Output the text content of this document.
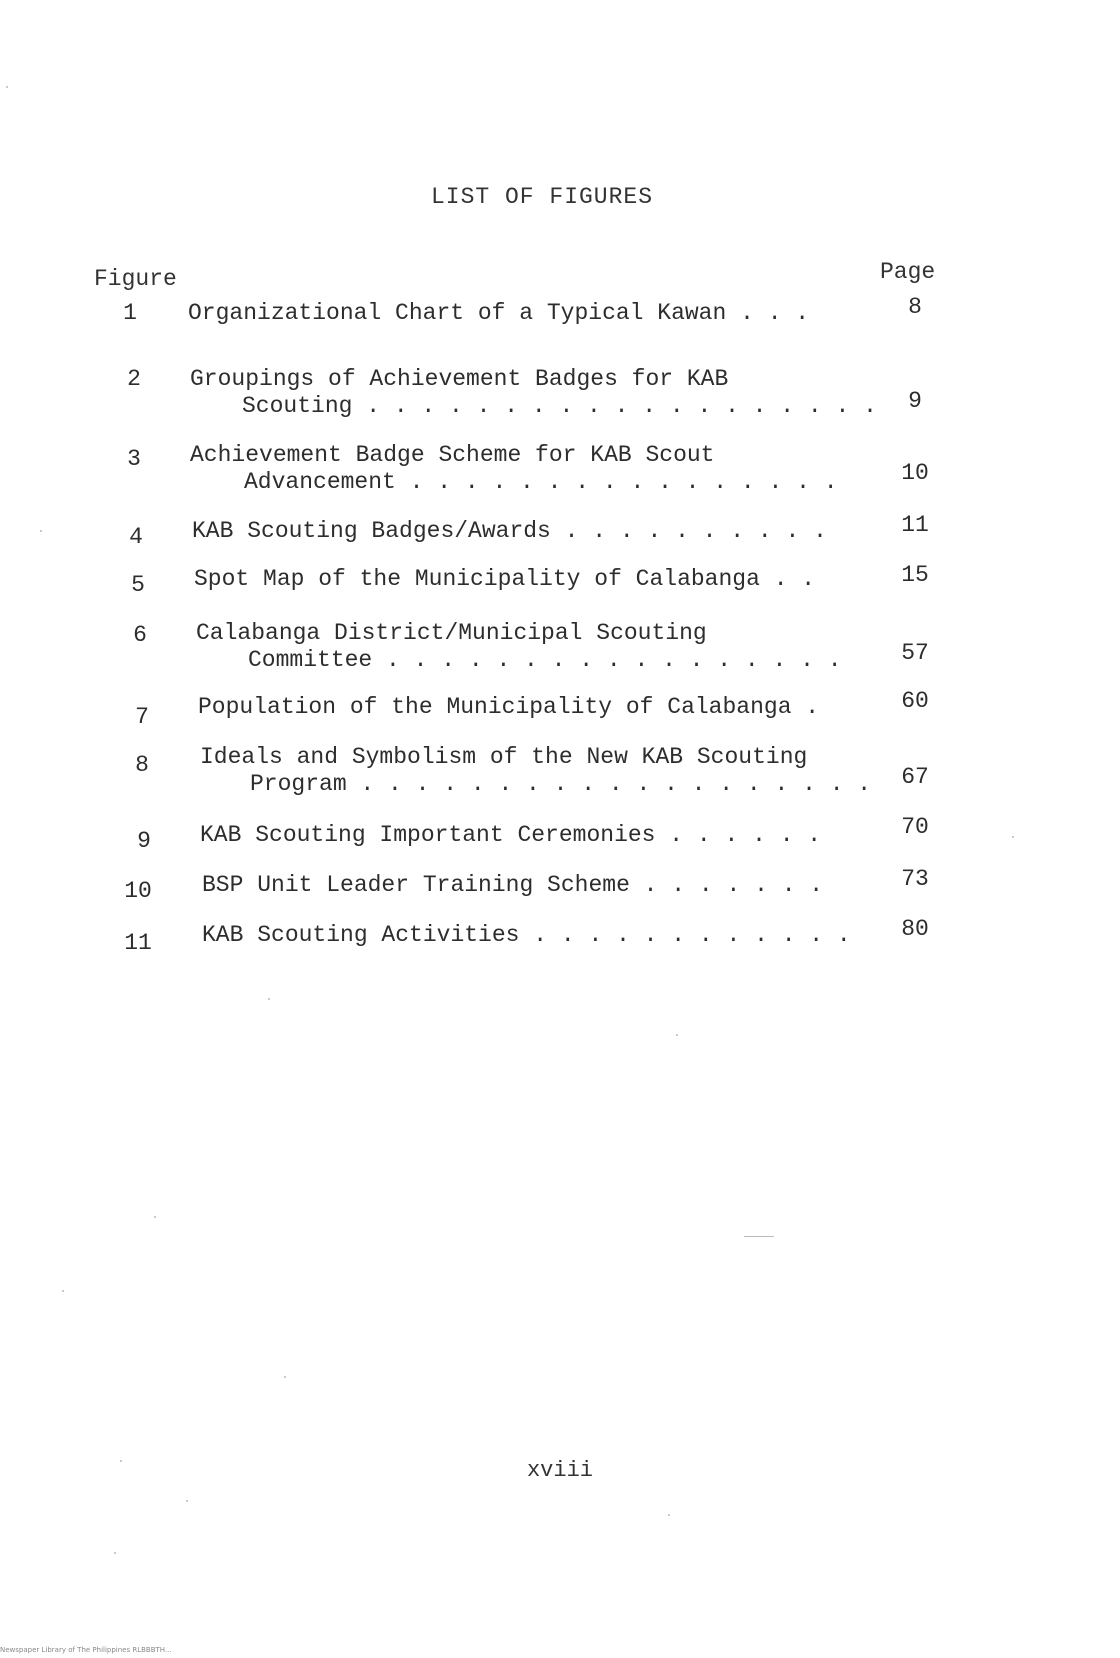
LIST OF FIGURES
Figure	Page
1	Organizational Chart of a Typical Kawan . . .	8
2	Groupings of Achievement Badges for KAB
Scouting . . . . . . . . . . . . . . . . . . .	9
3	Achievement Badge Scheme for KAB Scout
Advancement . . . . . . . . . . . . . . . .	10
4	KAB Scouting Badges/Awards . . . . . . . . . .	11
5	Spot Map of the Municipality of Calabanga . .	15
6	Calabanga District/Municipal Scouting
Committee . . . . . . . . . . . . . . . . .	57
7	Population of the Municipality of Calabanga .	60
8	Ideals and Symbolism of the New KAB Scouting
Program . . . . . . . . . . . . . . . . . . .	67
9	KAB Scouting Important Ceremonies . . . . . .	70
10	BSP Unit Leader Training Scheme . . . . . . .	73
11	KAB Scouting Activities . . . . . . . . . . . .	80
xviii
Newspaper Library of The Philippines RLBBBTH...
